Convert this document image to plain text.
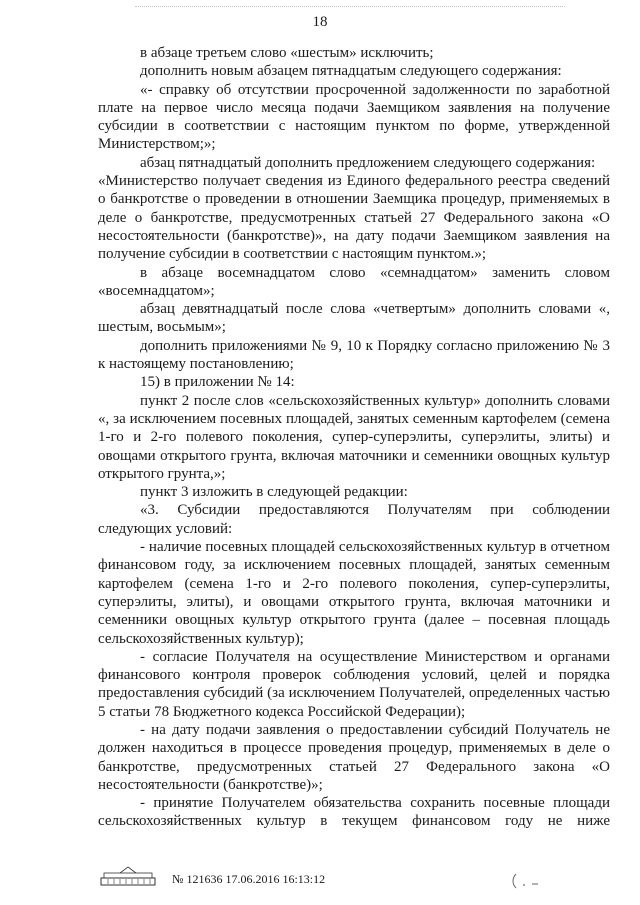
18

в абзаце третьем слово «шестым» исключить;

дополнить новым абзацем пятнадцатым следующего содержания:

«- справку об отсутствии просроченной задолженности по заработной плате на первое число месяца подачи Заемщиком заявления на получение субсидии в соответствии с настоящим пунктом по форме, утвержденной Министерством;»;

абзац пятнадцатый дополнить предложением следующего содержания:

«Министерство получает сведения из Единого федерального реестра сведений о банкротстве о проведении в отношении Заемщика процедур, применяемых в деле о банкротстве, предусмотренных статьей 27 Федерального закона «О несостоятельности (банкротстве)», на дату подачи Заемщиком заявления на получение субсидии в соответствии с настоящим пунктом.»;

в абзаце восемнадцатом слово «семнадцатом» заменить словом «восемнадцатом»;

абзац девятнадцатый после слова «четвертым» дополнить словами «, шестым, восьмым»;

дополнить приложениями № 9, 10 к Порядку согласно приложению № 3 к настоящему постановлению;

15) в приложении № 14:

пункт 2 после слов «сельскохозяйственных культур» дополнить словами «, за исключением посевных площадей, занятых семенным картофелем (семена 1-го и 2-го полевого поколения, супер-суперэлиты, суперэлиты, элиты) и овощами открытого грунта, включая маточники и семенники овощных культур открытого грунта,»;

пункт 3 изложить в следующей редакции:

«3. Субсидии предоставляются Получателям при соблюдении следующих условий:

- наличие посевных площадей сельскохозяйственных культур в отчетном финансовом году, за исключением посевных площадей, занятых семенным картофелем (семена 1-го и 2-го полевого поколения, супер-суперэлиты, суперэлиты, элиты), и овощами открытого грунта, включая маточники и семенники овощных культур открытого грунта (далее – посевная площадь сельскохозяйственных культур);

- согласие Получателя на осуществление Министерством и органами финансового контроля проверок соблюдения условий, целей и порядка предоставления субсидий (за исключением Получателей, определенных частью 5 статьи 78 Бюджетного кодекса Российской Федерации);

- на дату подачи заявления о предоставлении субсидий Получатель не должен находиться в процессе проведения процедур, применяемых в деле о банкротстве, предусмотренных статьей 27 Федерального закона «О несостоятельности (банкротстве)»;

- принятие Получателем обязательства сохранить посевные площади сельскохозяйственных культур в текущем финансовом году не ниже

№ 121636 17.06.2016 16:13:12
